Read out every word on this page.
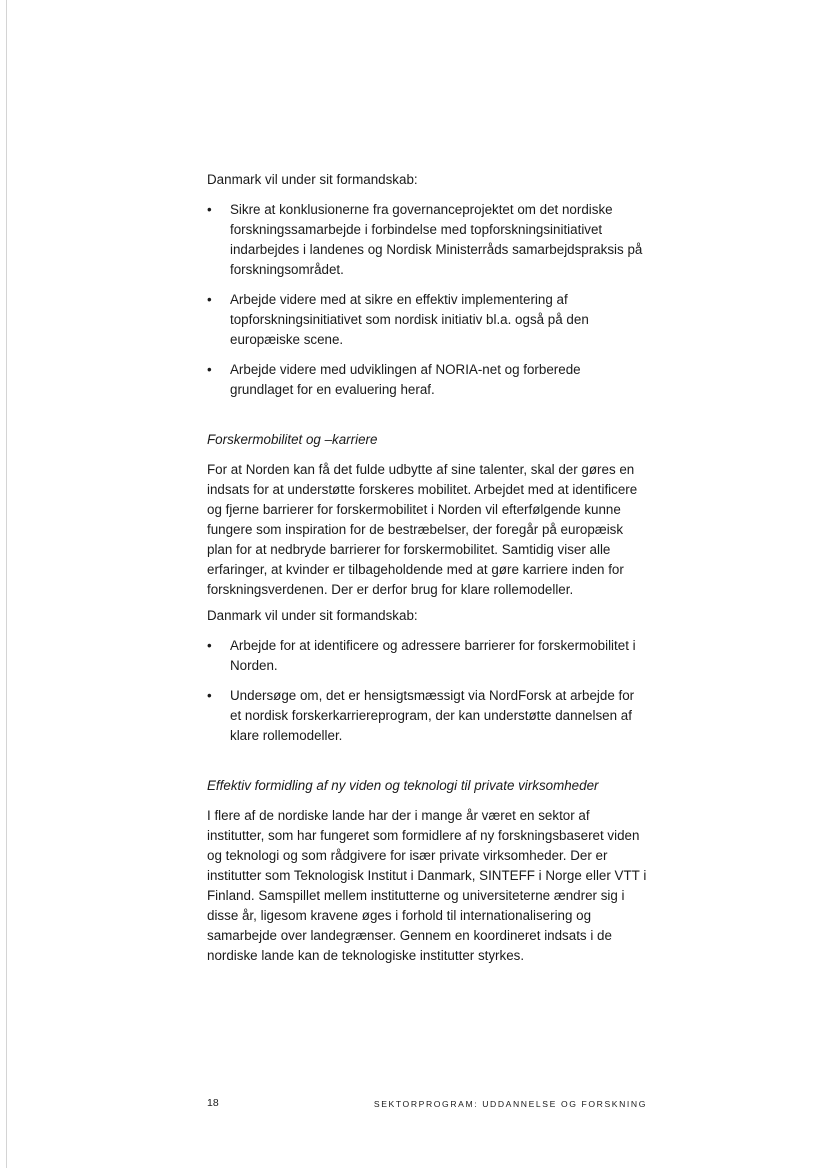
Danmark vil under sit formandskab:

• Sikre at konklusionerne fra governanceprojektet om det nordiske forskningssamarbejde i forbindelse med topforskningsinitiativet indarbejdes i landenes og Nordisk Ministerråds samarbejdspraksis på forskningsområdet.
• Arbejde videre med at sikre en effektiv implementering af topforskningsinitiativet som nordisk initiativ bl.a. også på den europæiske scene.
• Arbejde videre med udviklingen af NORIA-net og forberede grundlaget for en evaluering heraf.

Forskermobilitet og –karriere

For at Norden kan få det fulde udbytte af sine talenter, skal der gøres en indsats for at understøtte forskeres mobilitet. Arbejdet med at identificere og fjerne barrierer for forskermobilitet i Norden vil efterfølgende kunne fungere som inspiration for de bestræbelser, der foregår på europæisk plan for at nedbryde barrierer for forskermobilitet. Samtidig viser alle erfaringer, at kvinder er tilbageholdende med at gøre karriere inden for forskningsverdenen. Der er derfor brug for klare rollemodeller.

Danmark vil under sit formandskab:

• Arbejde for at identificere og adressere barrierer for forskermobilitet i Norden.
• Undersøge om, det er hensigtsmæssigt via NordForsk at arbejde for et nordisk forskerkarriereprogram, der kan understøtte dannelsen af klare rollemodeller.

Effektiv formidling af ny viden og teknologi til private virksomheder

I flere af de nordiske lande har der i mange år været en sektor af institutter, som har fungeret som formidlere af ny forskningsbaseret viden og teknologi og som rådgivere for især private virksomheder. Der er institutter som Teknologisk Institut i Danmark, SINTEFF i Norge eller VTT i Finland. Samspillet mellem institutterne og universiteterne ændrer sig i disse år, ligesom kravene øges i forhold til internationalisering og samarbejde over landegrænser. Gennem en koordineret indsats i de nordiske lande kan de teknologiske institutter styrkes.

18	SEKTORPROGRAM: UDDANNELSE OG FORSKNING
